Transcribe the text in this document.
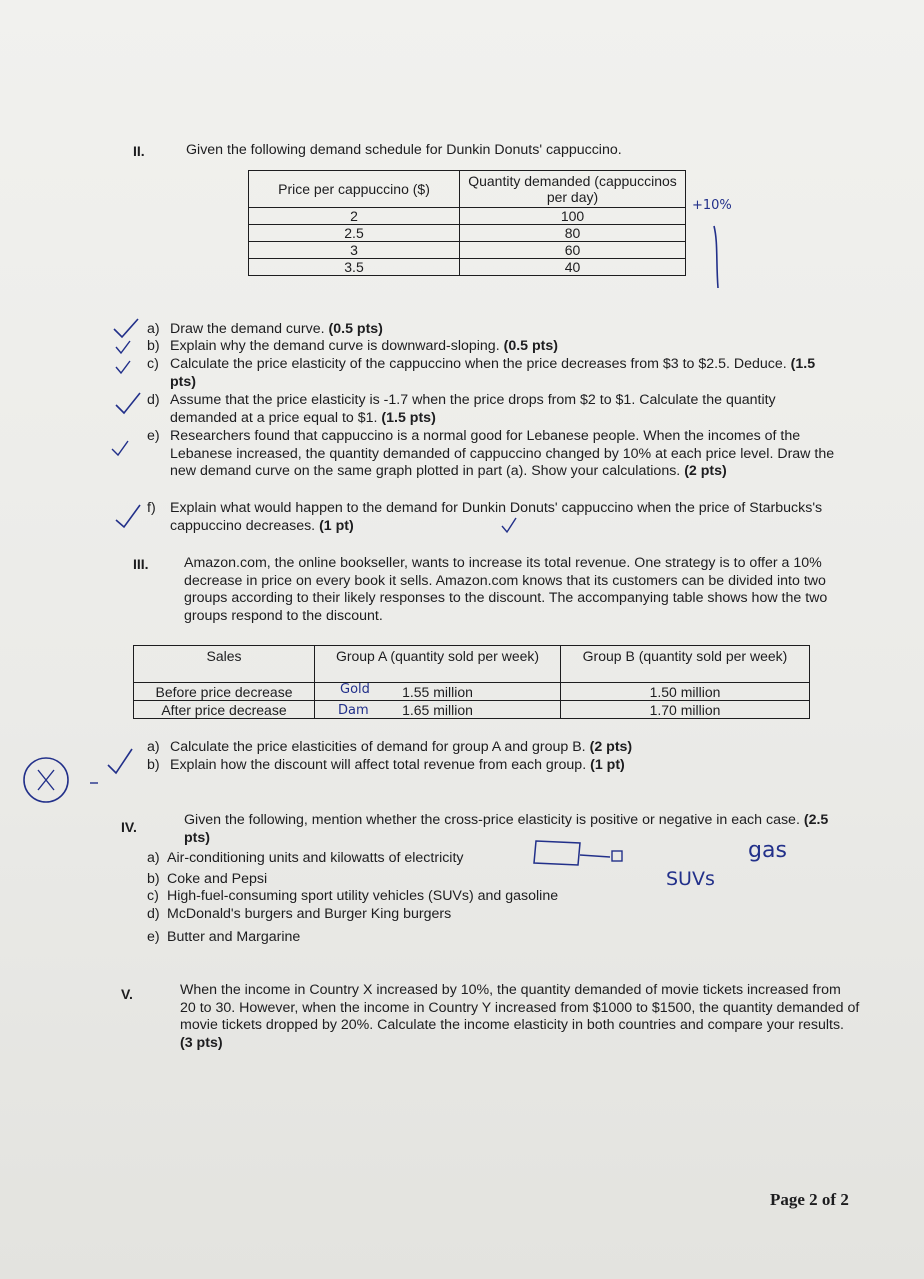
II.	Given the following demand schedule for Dunkin Donuts' cappuccino.
Price per cappuccino ($)	Quantity demanded (cappuccinos per day)
2	100
2.5	80
3	60
3.5	40
+10%
a) Draw the demand curve. (0.5 pts)
b) Explain why the demand curve is downward-sloping. (0.5 pts)
c) Calculate the price elasticity of the cappuccino when the price decreases from $3 to $2.5. Deduce. (1.5 pts)
d) Assume that the price elasticity is -1.7 when the price drops from $2 to $1. Calculate the quantity demanded at a price equal to $1. (1.5 pts)
e) Researchers found that cappuccino is a normal good for Lebanese people. When the incomes of the Lebanese increased, the quantity demanded of cappuccino changed by 10% at each price level. Draw the new demand curve on the same graph plotted in part (a). Show your calculations. (2 pts)
f) Explain what would happen to the demand for Dunkin Donuts' cappuccino when the price of Starbucks's cappuccino decreases. (1 pt)
III. Amazon.com, the online bookseller, wants to increase its total revenue. One strategy is to offer a 10% decrease in price on every book it sells. Amazon.com knows that its customers can be divided into two groups according to their likely responses to the discount. The accompanying table shows how the two groups respond to the discount.
Sales	Group A (quantity sold per week)	Group B (quantity sold per week)
Before price decrease	1.55 million	1.50 million
After price decrease	1.65 million	1.70 million
Gold
Dam
a) Calculate the price elasticities of demand for group A and group B. (2 pts)
b) Explain how the discount will affect total revenue from each group. (1 pt)
IV.	Given the following, mention whether the cross-price elasticity is positive or negative in each case. (2.5 pts)
a) Air-conditioning units and kilowatts of electricity
b) Coke and Pepsi
c) High-fuel-consuming sport utility vehicles (SUVs) and gasoline
d) McDonald's burgers and Burger King burgers
e) Butter and Margarine
gas
SUVs
V.	When the income in Country X increased by 10%, the quantity demanded of movie tickets increased from 20 to 30. However, when the income in Country Y increased from $1000 to $1500, the quantity demanded of movie tickets dropped by 20%. Calculate the income elasticity in both countries and compare your results. (3 pts)
Page 2 of 2
